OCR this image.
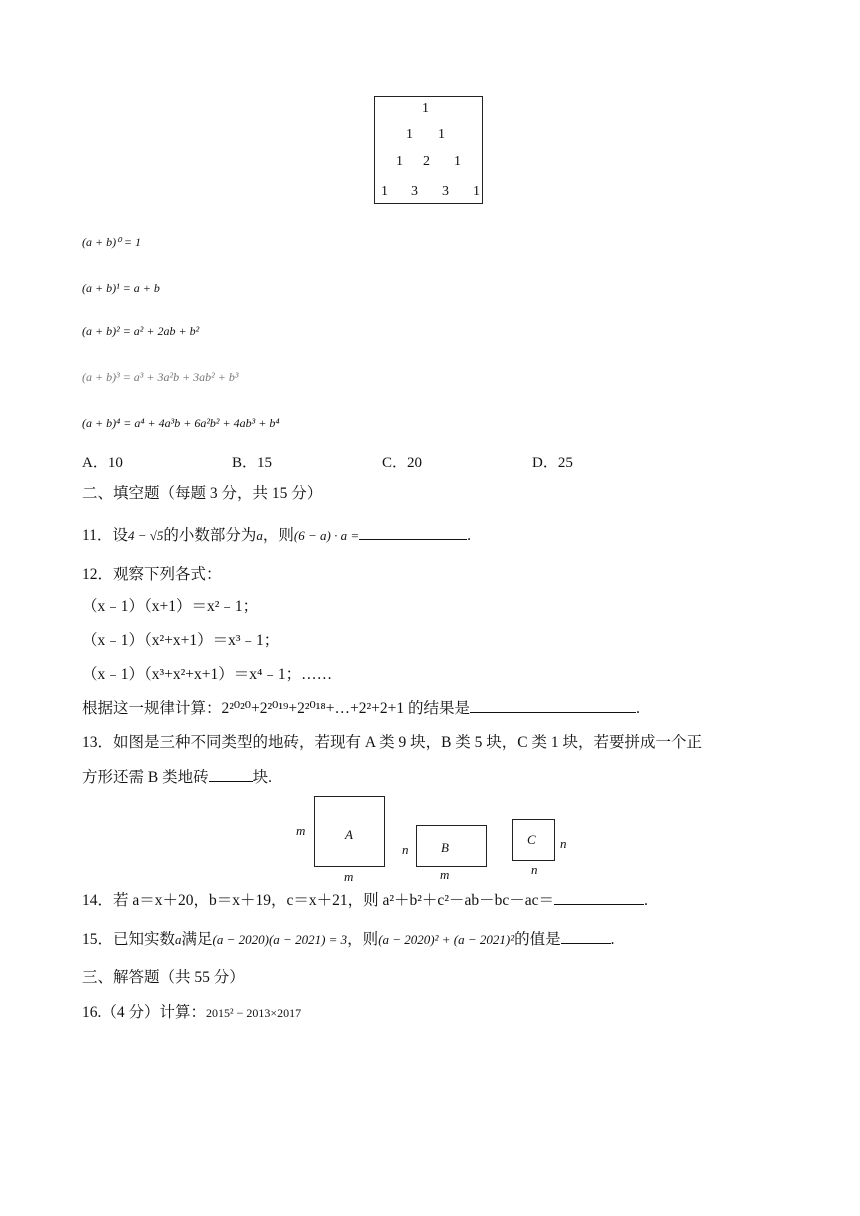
1
1 1
1 2 1
1 3 3 1
(a + b)⁰ = 1
(a + b)¹ = a + b
(a + b)² = a² + 2ab + b²
(a + b)³ = a³ + 3a²b + 3ab² + b³
(a + b)⁴ = a⁴ + 4a³b + 6a²b² + 4ab³ + b⁴
A．10	B．15	C．20	D．25
二、填空题（每题 3 分，共 15 分）
11．设4 − √5的小数部分为a，则(6 − a) · a =	.
12．观察下列各式：
（x﹣1）（x+1）＝x²﹣1；
（x﹣1）（x²+x+1）＝x³﹣1；
（x﹣1）（x³+x²+x+1）＝x⁴﹣1；……
根据这一规律计算：2²⁰²⁰+2²⁰¹⁹+2²⁰¹⁸+…+2²+2+1 的结果是	.
13．如图是三种不同类型的地砖，若现有 A 类 9 块，B 类 5 块，C 类 1 块，若要拼成一个正
方形还需 B 类地砖	块.
A
m
m
B
n
m
C n
n
14．若 a＝x＋20，b＝x＋19，c＝x＋21，则 a²＋b²＋c²－ab－bc－ac＝	.
15．已知实数a满足(a − 2020)(a − 2021) = 3，则(a − 2020)² + (a − 2021)²的值是	.
三、解答题（共 55 分）
16.（4 分）计算：2015² − 2013×2017
